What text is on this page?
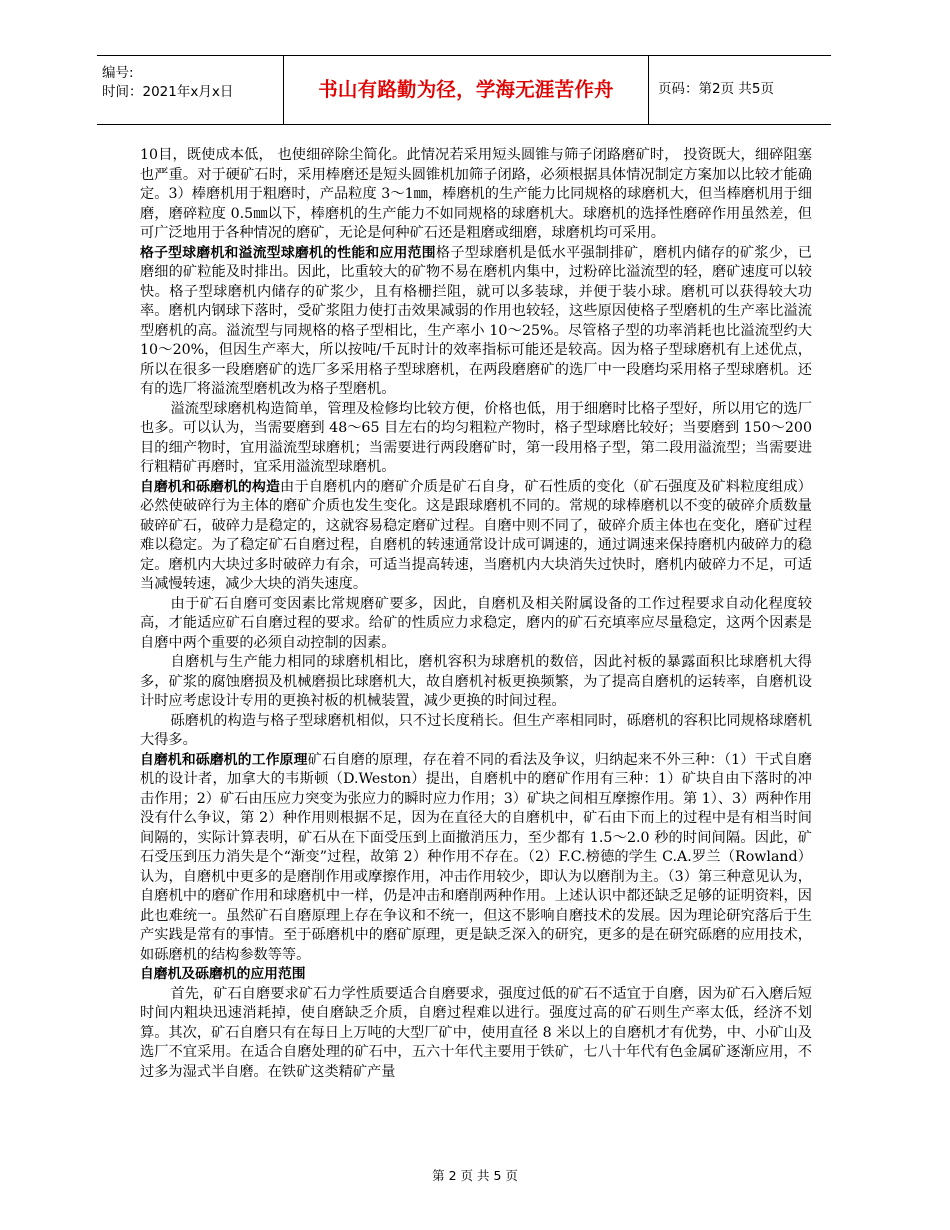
编号:
时间：2021年x月x日	书山有路勤为径，学海无涯苦作舟	页码：第2页 共5页

10目，既使成本低， 也使细碎除尘简化。此情况若采用短头圆锥与筛子闭路磨矿时， 投资既大，细碎阻塞也严重。对于硬矿石时，采用棒磨还是短头圆锥机加筛子闭路，必须根据具体情况制定方案加以比较才能确定。3）棒磨机用于粗磨时，产品粒度 3～1㎜，棒磨机的生产能力比同规格的球磨机大，但当棒磨机用于细磨，磨碎粒度 0.5㎜以下，棒磨机的生产能力不如同规格的球磨机大。球磨机的选择性磨碎作用虽然差，但可广泛地用于各种情况的磨矿，无论是何种矿石还是粗磨或细磨，球磨机均可采用。

格子型球磨机和溢流型球磨机的性能和应用范围格子型球磨机是低水平强制排矿，磨机内储存的矿浆少，已磨细的矿粒能及时排出。因此，比重较大的矿物不易在磨机内集中，过粉碎比溢流型的轻，磨矿速度可以较快。格子型球磨机内储存的矿浆少，且有格栅拦阻，就可以多装球，并便于装小球。磨机可以获得较大功率。磨机内钢球下落时，受矿浆阻力使打击效果减弱的作用也较轻，这些原因使格子型磨机的生产率比溢流型磨机的高。溢流型与同规格的格子型相比，生产率小 10～25%。尽管格子型的功率消耗也比溢流型约大 10～20%，但因生产率大，所以按吨/千瓦时计的效率指标可能还是较高。因为格子型球磨机有上述优点，所以在很多一段磨磨矿的选厂多采用格子型球磨机，在两段磨磨矿的选厂中一段磨均采用格子型球磨机。还有的选厂将溢流型磨机改为格子型磨机。

溢流型球磨机构造简单，管理及检修均比较方便，价格也低，用于细磨时比格子型好，所以用它的选厂也多。可以认为，当需要磨到 48～65 目左右的均匀粗粒产物时，格子型球磨比较好；当要磨到 150～200 目的细产物时，宜用溢流型球磨机；当需要进行两段磨矿时，第一段用格子型，第二段用溢流型；当需要进行粗精矿再磨时，宜采用溢流型球磨机。

自磨机和砾磨机的构造由于自磨机内的磨矿介质是矿石自身，矿石性质的变化（矿石强度及矿料粒度组成）必然使破碎行为主体的磨矿介质也发生变化。这是跟球磨机不同的。常规的球棒磨机以不变的破碎介质数量破碎矿石，破碎力是稳定的，这就容易稳定磨矿过程。自磨中则不同了，破碎介质主体也在变化，磨矿过程难以稳定。为了稳定矿石自磨过程，自磨机的转速通常设计成可调速的，通过调速来保持磨机内破碎力的稳定。磨机内大块过多时破碎力有余，可适当提高转速，当磨机内大块消失过快时，磨机内破碎力不足，可适当减慢转速，减少大块的消失速度。

由于矿石自磨可变因素比常规磨矿要多，因此，自磨机及相关附属设备的工作过程要求自动化程度较高，才能适应矿石自磨过程的要求。给矿的性质应力求稳定，磨内的矿石充填率应尽量稳定，这两个因素是自磨中两个重要的必须自动控制的因素。

自磨机与生产能力相同的球磨机相比，磨机容积为球磨机的数倍，因此衬板的暴露面积比球磨机大得多，矿浆的腐蚀磨损及机械磨损比球磨机大，故自磨机衬板更换频繁，为了提高自磨机的运转率，自磨机设计时应考虑设计专用的更换衬板的机械装置，减少更换的时间过程。

砾磨机的构造与格子型球磨机相似，只不过长度稍长。但生产率相同时，砾磨机的容积比同规格球磨机大得多。

自磨机和砾磨机的工作原理矿石自磨的原理，存在着不同的看法及争议，归纳起来不外三种：（1）干式自磨机的设计者，加拿大的韦斯顿（D.Weston）提出，自磨机中的磨矿作用有三种：1）矿块自由下落时的冲击作用；2）矿石由压应力突变为张应力的瞬时应力作用；3）矿块之间相互摩擦作用。第 1）、3）两种作用没有什么争议，第 2）种作用则根据不足，因为在直径大的自磨机中，矿石由下而上的过程中是有相当时间间隔的，实际计算表明，矿石从在下面受压到上面撤消压力，至少都有 1.5～2.0 秒的时间间隔。因此，矿石受压到压力消失是个“渐变”过程，故第 2）种作用不存在。（2）F.C.榜德的学生 C.A.罗兰（Rowland）认为，自磨机中更多的是磨削作用或摩擦作用，冲击作用较少，即认为以磨削为主。（3）第三种意见认为，自磨机中的磨矿作用和球磨机中一样，仍是冲击和磨削两种作用。上述认识中都还缺乏足够的证明资料，因此也难统一。虽然矿石自磨原理上存在争议和不统一，但这不影响自磨技术的发展。因为理论研究落后于生产实践是常有的事情。至于砾磨机中的磨矿原理，更是缺乏深入的研究，更多的是在研究砾磨的应用技术，如砾磨机的结构参数等等。

自磨机及砾磨机的应用范围

首先，矿石自磨要求矿石力学性质要适合自磨要求，强度过低的矿石不适宜于自磨，因为矿石入磨后短时间内粗块迅速消耗掉，使自磨缺乏介质，自磨过程难以进行。强度过高的矿石则生产率太低，经济不划算。其次，矿石自磨只有在每日上万吨的大型厂矿中，使用直径 8 米以上的自磨机才有优势，中、小矿山及选厂不宜采用。在适合自磨处理的矿石中，五六十年代主要用于铁矿，七八十年代有色金属矿逐渐应用，不过多为湿式半自磨。在铁矿这类精矿产量

第 2 页 共 5 页
